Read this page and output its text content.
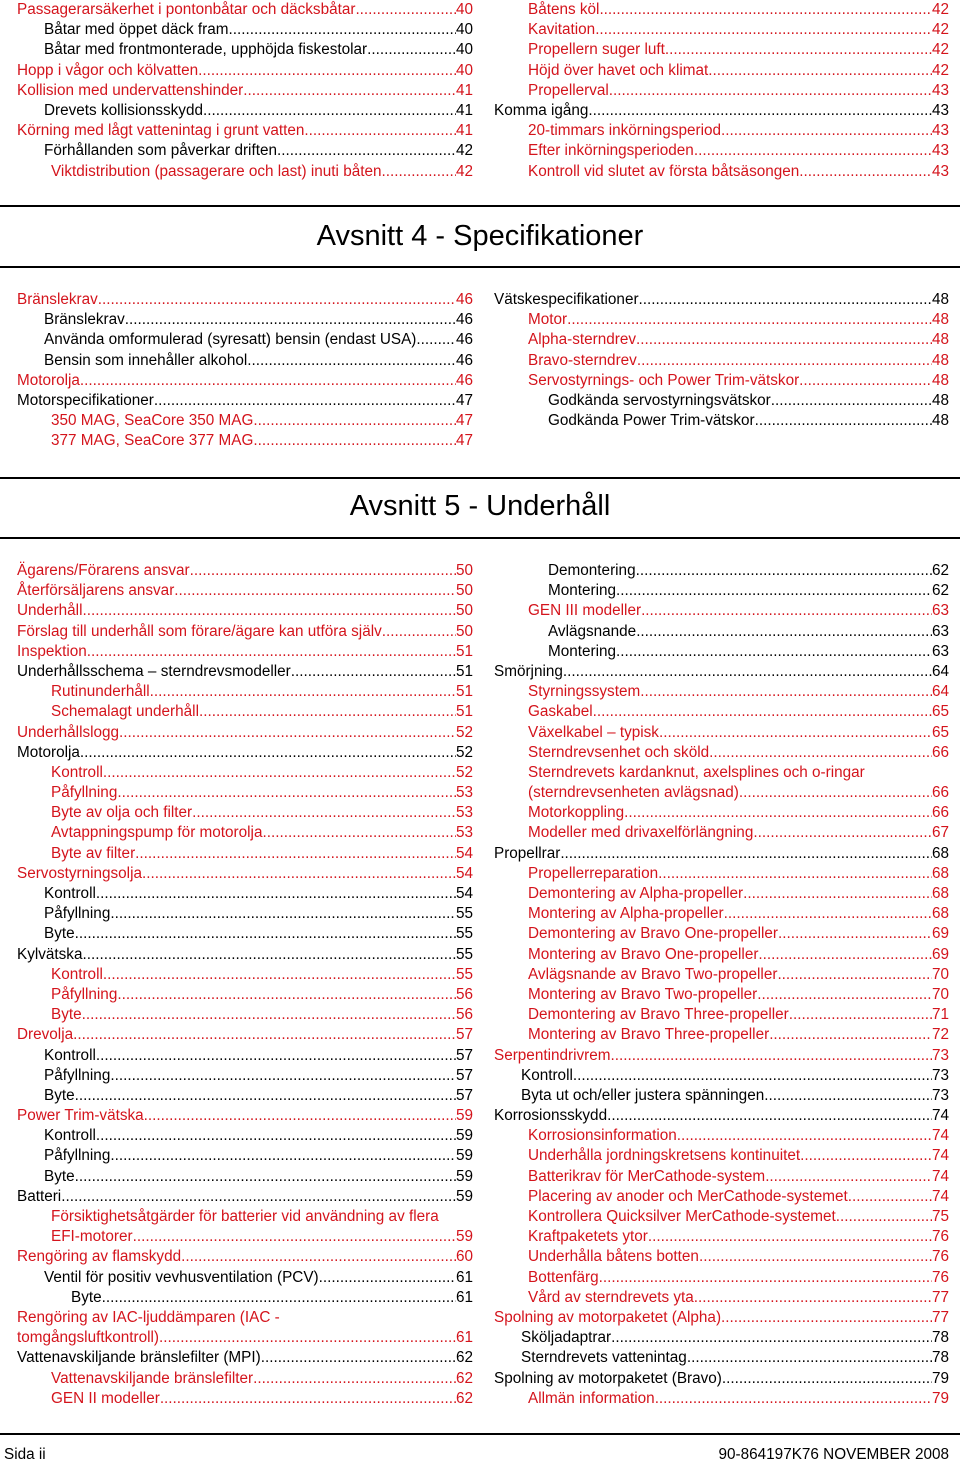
Passagerarsäkerhet i pontonbåtar och däcksbåtar .....	40
Båtar med öppet däck fram .....	40
Båtar med frontmonterade, upphöjda fiskestolar .....	40
Hopp i vågor och kölvatten .....	40
Kollision med undervattenshinder .....	41
Drevets kollisionsskydd .....	41
Körning med lågt vattenintag i grunt vatten .....	41
Förhållanden som påverkar driften .....	42
Viktdistribution (passagerare och last) inuti båten .....	42
Båtens köl .....	42
Kavitation .....	42
Propellern suger luft .....	42
Höjd över havet och klimat .....	42
Propellerval .....	43
Komma igång .....	43
20-timmars inkörningsperiod .....	43
Efter inkörningsperioden .....	43
Kontroll vid slutet av första båtsäsongen .....	43
Avsnitt 4 - Specifikationer
Bränslekrav .....	46
Bränslekrav .....	46
Använda omformulerad (syresatt) bensin (endast USA) .....	46
Bensin som innehåller alkohol .....	46
Motorolja .....	46
Motorspecifikationer .....	47
350 MAG, SeaCore 350 MAG .....	47
377 MAG, SeaCore 377 MAG .....	47
Vätskespecifikationer .....	48
Motor .....	48
Alpha-sterndrev .....	48
Bravo-sterndrev .....	48
Servostyrnings- och Power Trim-vätskor .....	48
Godkända servostyrningsvätskor .....	48
Godkända Power Trim-vätskor .....	48
Avsnitt 5 - Underhåll
Ägarens/Förarens ansvar .....	50
Återförsäljarens ansvar .....	50
Underhåll .....	50
Förslag till underhåll som förare/ägare kan utföra själv .....	50
Inspektion .....	51
Underhållsschema – sterndrevsmodeller .....	51
Rutinunderhåll .....	51
Schemalagt underhåll .....	51
Underhållslogg .....	52
Motorolja .....	52
Kontroll .....	52
Påfyllning .....	53
Byte av olja och filter .....	53
Avtappningspump för motorolja .....	53
Byte av filter .....	54
Servostyrningsolja .....	54
Kontroll .....	54
Påfyllning .....	55
Byte .....	55
Kylvätska .....	55
Kontroll .....	55
Påfyllning .....	56
Byte .....	56
Drevolja .....	57
Kontroll .....	57
Påfyllning .....	57
Byte .....	57
Power Trim-vätska .....	59
Kontroll .....	59
Påfyllning .....	59
Byte .....	59
Batteri .....	59
Försiktighetsåtgärder för batterier vid användning av flera
EFI-motorer .....	59
Rengöring av flamskydd .....	60
Ventil för positiv vevhusventilation (PCV) .....	61
Byte .....	61
Rengöring av IAC-ljuddämparen (IAC -
tomgångsluftkontroll) .....	61
Vattenavskiljande bränslefilter (MPI) .....	62
Vattenavskiljande bränslefilter .....	62
GEN II modeller .....	62
Demontering .....	62
Montering .....	62
GEN III modeller .....	63
Avlägsnande .....	63
Montering .....	63
Smörjning .....	64
Styrningssystem .....	64
Gaskabel .....	65
Växelkabel – typisk .....	65
Sterndrevsenhet och sköld .....	66
Sterndrevets kardanknut, axelsplines och o-ringar
(sterndrevsenheten avlägsnad) .....	66
Motorkoppling .....	66
Modeller med drivaxelförlängning .....	67
Propellrar .....	68
Propellerreparation .....	68
Demontering av Alpha-propeller .....	68
Montering av Alpha-propeller .....	68
Demontering av Bravo One-propeller .....	69
Montering av Bravo One-propeller .....	69
Avlägsnande av Bravo Two-propeller .....	70
Montering av Bravo Two-propeller .....	70
Demontering av Bravo Three-propeller .....	71
Montering av Bravo Three-propeller .....	72
Serpentindrivrem .....	73
Kontroll .....	73
Byta ut och/eller justera spänningen .....	73
Korrosionsskydd .....	74
Korrosionsinformation .....	74
Underhålla jordningskretsens kontinuitet .....	74
Batterikrav för MerCathode-system .....	74
Placering av anoder och MerCathode-systemet .....	74
Kontrollera Quicksilver MerCathode-systemet .....	75
Kraftpaketets ytor .....	76
Underhålla båtens botten .....	76
Bottenfärg .....	76
Vård av sterndrevets yta .....	77
Spolning av motorpaketet (Alpha) .....	77
Sköljadaptrar .....	78
Sterndrevets vattenintag .....	78
Spolning av motorpaketet (Bravo) .....	79
Allmän information .....	79
Sida ii	90-864197K76 NOVEMBER 2008
